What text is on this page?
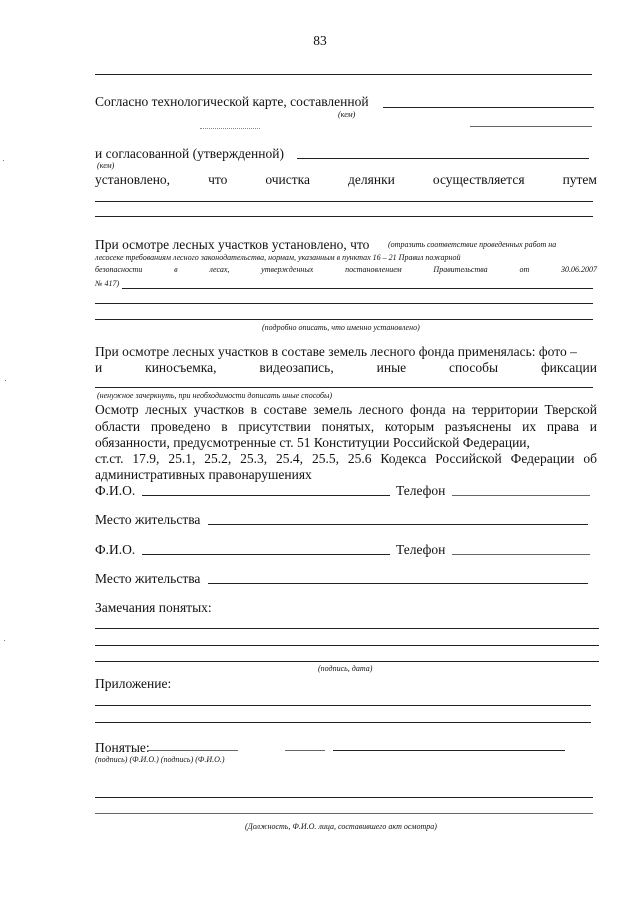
83
Согласно технологической карте, составленной
(кем)
и согласованной (утвержденной)
(кем)
установлено,	что	очистка	делянки	осуществляется	путем
При осмотре лесных участков установлено, что (отразить соответствие проведенных работ на
лесосеке требованиям лесного законодательства, нормам, указанным в пунктах 16 – 21 Правил пожарной
безопасности	в	лесах,	утвержденных	постановлением	Правительства	от	30.06.2007
№ 417)
(подробно описать, что именно установлено)
При осмотре лесных участков в составе земель лесного фонда применялась: фото –
и	киносъемка,	видеозапись,	иные	способы	фиксации
(ненужное зачеркнуть, при необходимости дописать иные способы)
Осмотр лесных участков в составе земель лесного фонда на территории Тверской
области проведено в присутствии понятых, которым разъяснены их права и
обязанности, предусмотренные ст. 51 Конституции Российской Федерации,
ст.ст. 17.9, 25.1, 25.2, 25.3, 25.4, 25.5, 25.6 Кодекса Российской Федерации об
административных правонарушениях
Ф.И.О.	Телефон
Место жительства
Ф.И.О.	Телефон
Место жительства
Замечания понятых:
(подпись, дата)
Приложение:
Понятые:
(подпись) (Ф.И.О.) (подпись) (Ф.И.О.)
(Должность, Ф.И.О. лица, составившего акт осмотра)
